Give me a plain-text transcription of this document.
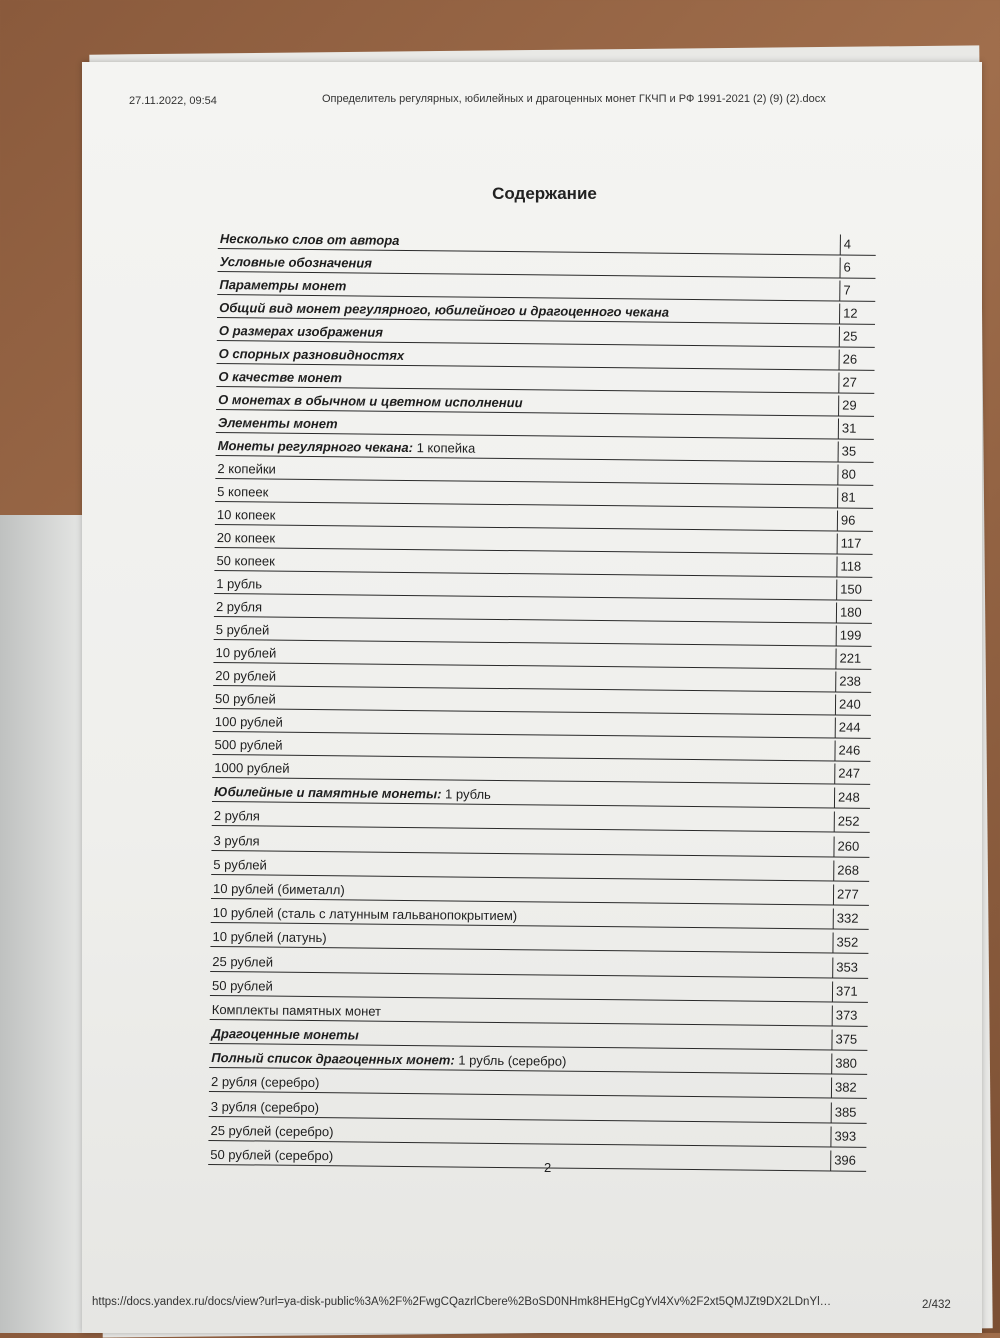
27.11.2022, 09:54	Определитель регулярных, юбилейных и драгоценных монет ГКЧП и РФ 1991-2021 (2) (9) (2).docx
Содержание
Несколько слов от автора	4
Условные обозначения	6
Параметры монет	7
Общий вид монет регулярного, юбилейного и драгоценного чекана	12
О размерах изображения	25
О спорных разновидностях	26
О качестве монет	27
О монетах в обычном и цветном исполнении	29
Элементы монет	31
Монеты регулярного чекана: 1 копейка	35
2 копейки	80
5 копеек	81
10 копеек	96
20 копеек	117
50 копеек	118
1 рубль	150
2 рубля	180
5 рублей	199
10 рублей	221
20 рублей	238
50 рублей	240
100 рублей	244
500 рублей	246
1000 рублей	247
Юбилейные и памятные монеты: 1 рубль	248
2 рубля	252
3 рубля	260
5 рублей	268
10 рублей (биметалл)	277
10 рублей (сталь с латунным гальванопокрытием)	332
10 рублей (латунь)	352
25 рублей	353
50 рублей	371
Комплекты памятных монет	373
Драгоценные монеты	375
Полный список драгоценных монет: 1 рубль (серебро)	380
2 рубля (серебро)	382
3 рубля (серебро)	385
25 рублей (серебро)	393
50 рублей (серебро)	396
2
https://docs.yandex.ru/docs/view?url=ya-disk-public%3A%2F%2FwgCQazrlCbere%2BoSD0NHmk8HEHgCgYvl4Xv%2F2xt5QMJZt9DX2LDnYl…	2/432
